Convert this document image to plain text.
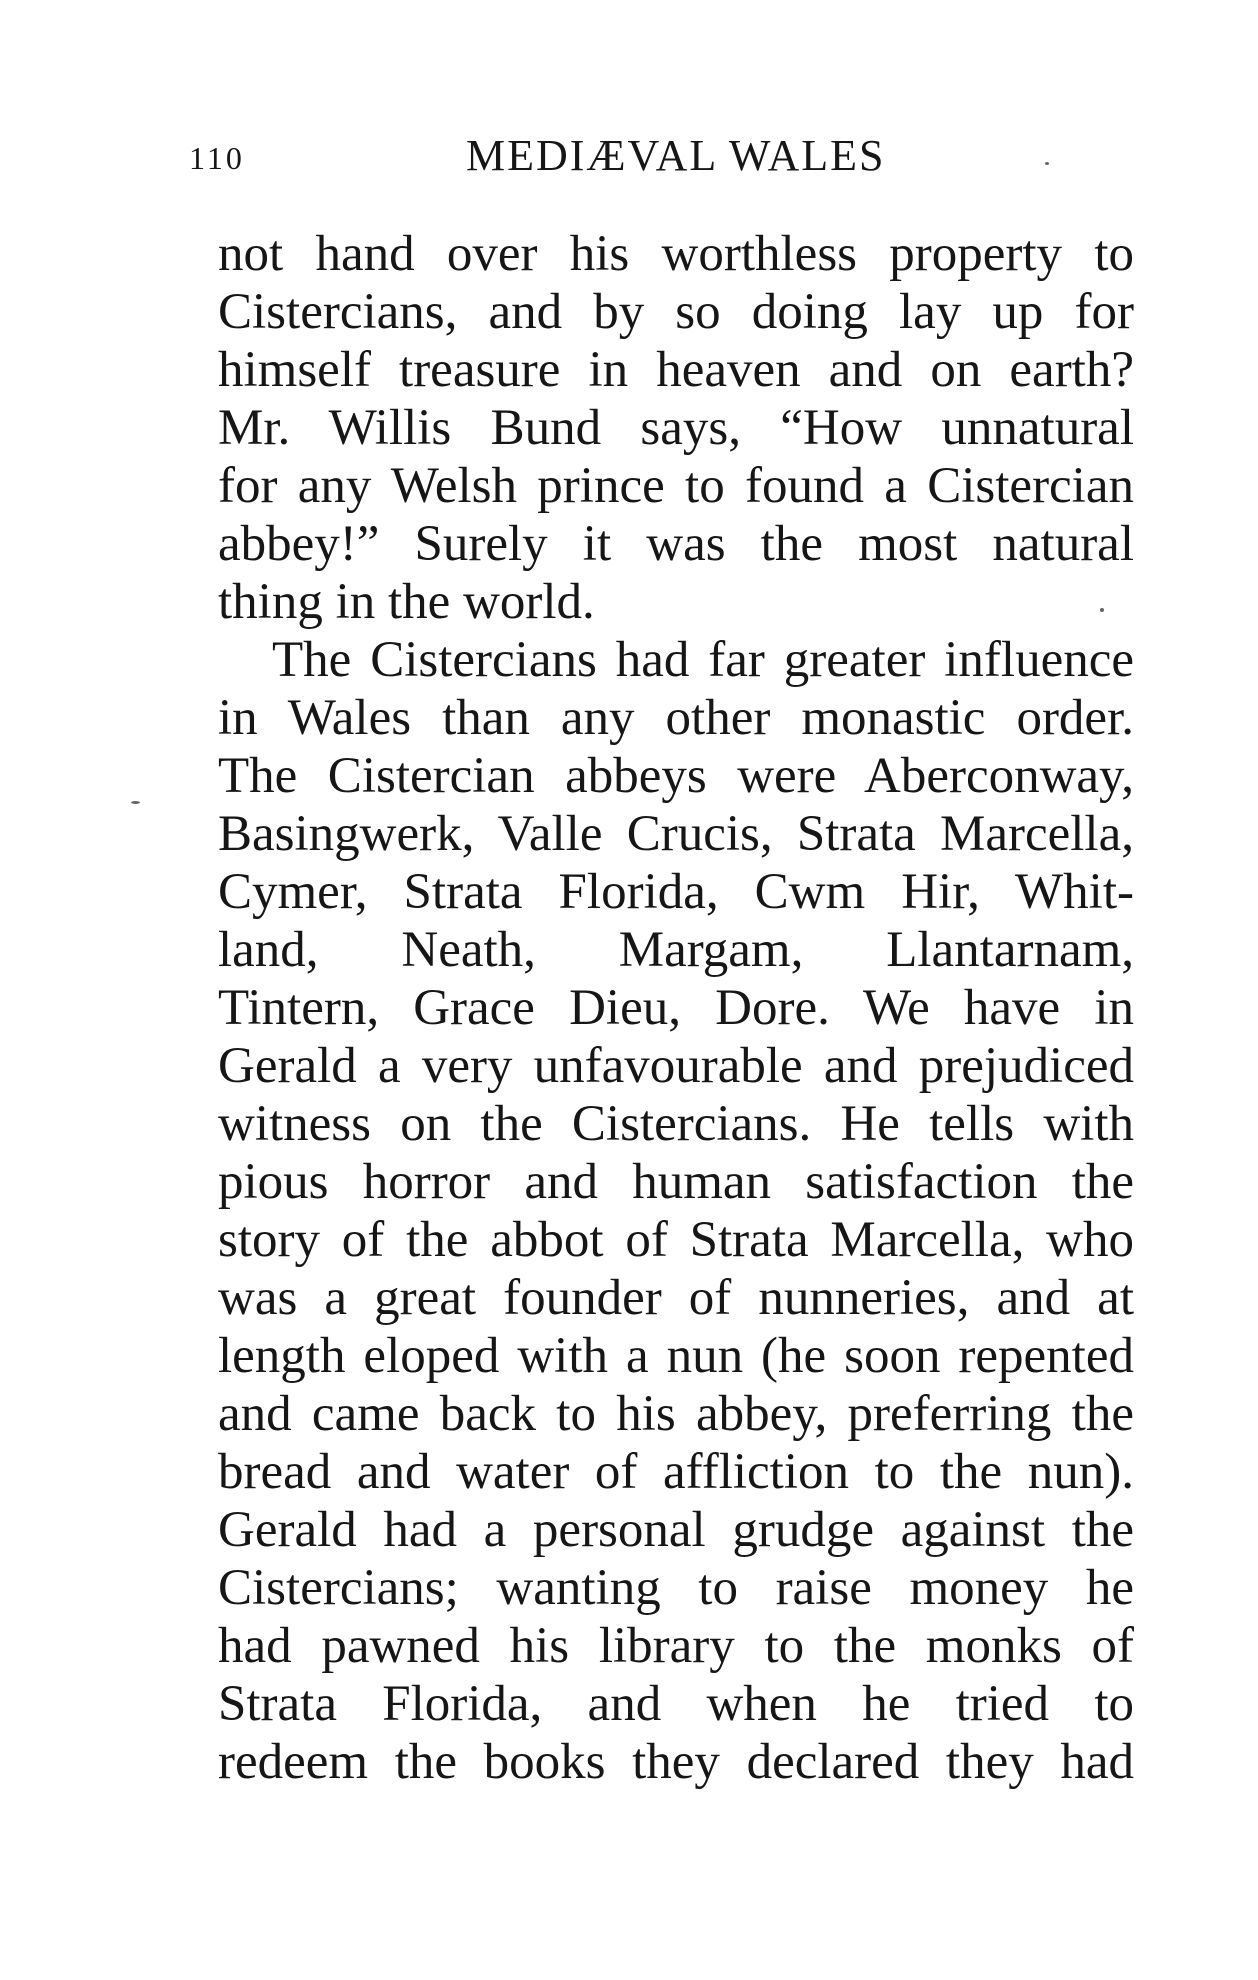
110	MEDIÆVAL WALES
not hand over his worthless property to
Cistercians, and by so doing lay up for
himself treasure in heaven and on earth?
Mr. Willis Bund says, “How unnatural
for any Welsh prince to found a Cistercian
abbey!” Surely it was the most natural
thing in the world.
The Cistercians had far greater influence
in Wales than any other monastic order.
The Cistercian abbeys were Aberconway,
Basingwerk, Valle Crucis, Strata Marcella,
Cymer, Strata Florida, Cwm Hir, Whit-
land, Neath, Margam, Llantarnam,
Tintern, Grace Dieu, Dore. We have in
Gerald a very unfavourable and prejudiced
witness on the Cistercians. He tells with
pious horror and human satisfaction the
story of the abbot of Strata Marcella, who
was a great founder of nunneries, and at
length eloped with a nun (he soon repented
and came back to his abbey, preferring the
bread and water of affliction to the nun).
Gerald had a personal grudge against the
Cistercians; wanting to raise money he
had pawned his library to the monks of
Strata Florida, and when he tried to
redeem the books they declared they had
